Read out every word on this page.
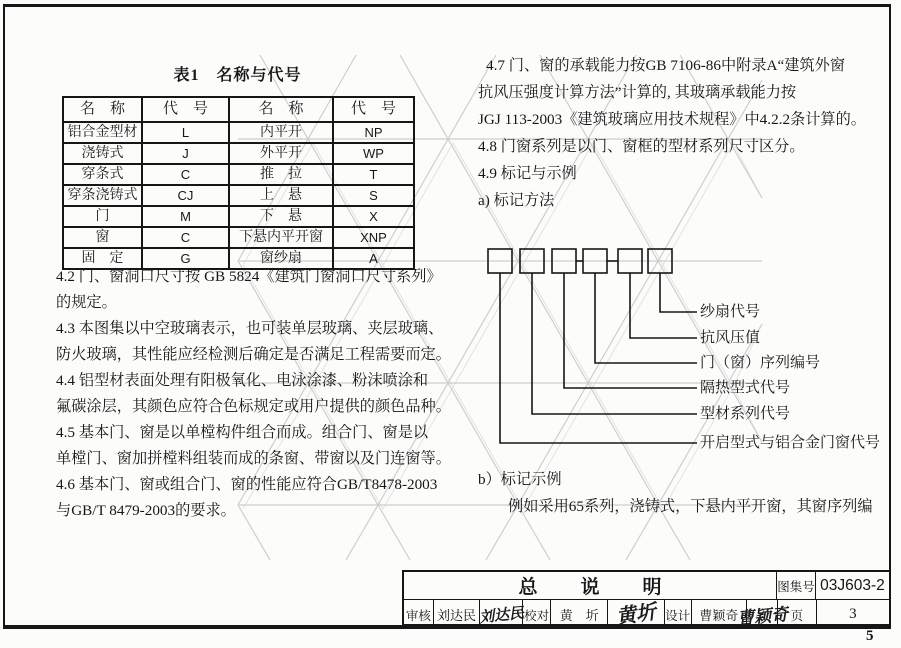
表1　名称与代号
名　称	代　号	名　称	代　号
铝合金型材	L	内平开	NP
浇铸式	J	外平开	WP
穿条式	C	推　拉	T
穿条浇铸式	CJ	上　悬	S
门	M	下　悬	X
窗	C	下悬内平开窗	XNP
固　定	G	窗纱扇	A
4.2 门、窗洞口尺寸按 GB 5824《建筑门窗洞口尺寸系列》
的规定。
4.3 本图集以中空玻璃表示，也可装单层玻璃、夹层玻璃、
防火玻璃，其性能应经检测后确定是否满足工程需要而定。
4.4 铝型材表面处理有阳极氧化、电泳涂漆、粉沫喷涂和
氟碳涂层，其颜色应符合色标规定或用户提供的颜色品种。
4.5 基本门、窗是以单樘构件组合而成。组合门、窗是以
单樘门、窗加拼樘料组装而成的条窗、带窗以及门连窗等。
4.6 基本门、窗或组合门、窗的性能应符合GB/T8478-2003
与GB/T 8479-2003的要求。
4.7 门、窗的承载能力按GB 7106-86中附录A“建筑外窗
抗风压强度计算方法”计算的, 其玻璃承载能力按
JGJ 113-2003《建筑玻璃应用技术规程》中4.2.2条计算的。
4.8 门窗系列是以门、窗框的型材系列尺寸区分。
4.9 标记与示例
a) 标记方法
纱扇代号
抗风压值
门（窗）序列编号
隔热型式代号
型材系列代号
开启型式与铝合金门窗代号
b）标记示例
例如采用65系列，浇铸式，下悬内平开窗，其窗序列编
总　说　明	图集号 03J603-2
审核 刘达民 刘达民 校对 黄　圻 黄圻 设计 曹颖奇
曹颖奇 页	3
5
